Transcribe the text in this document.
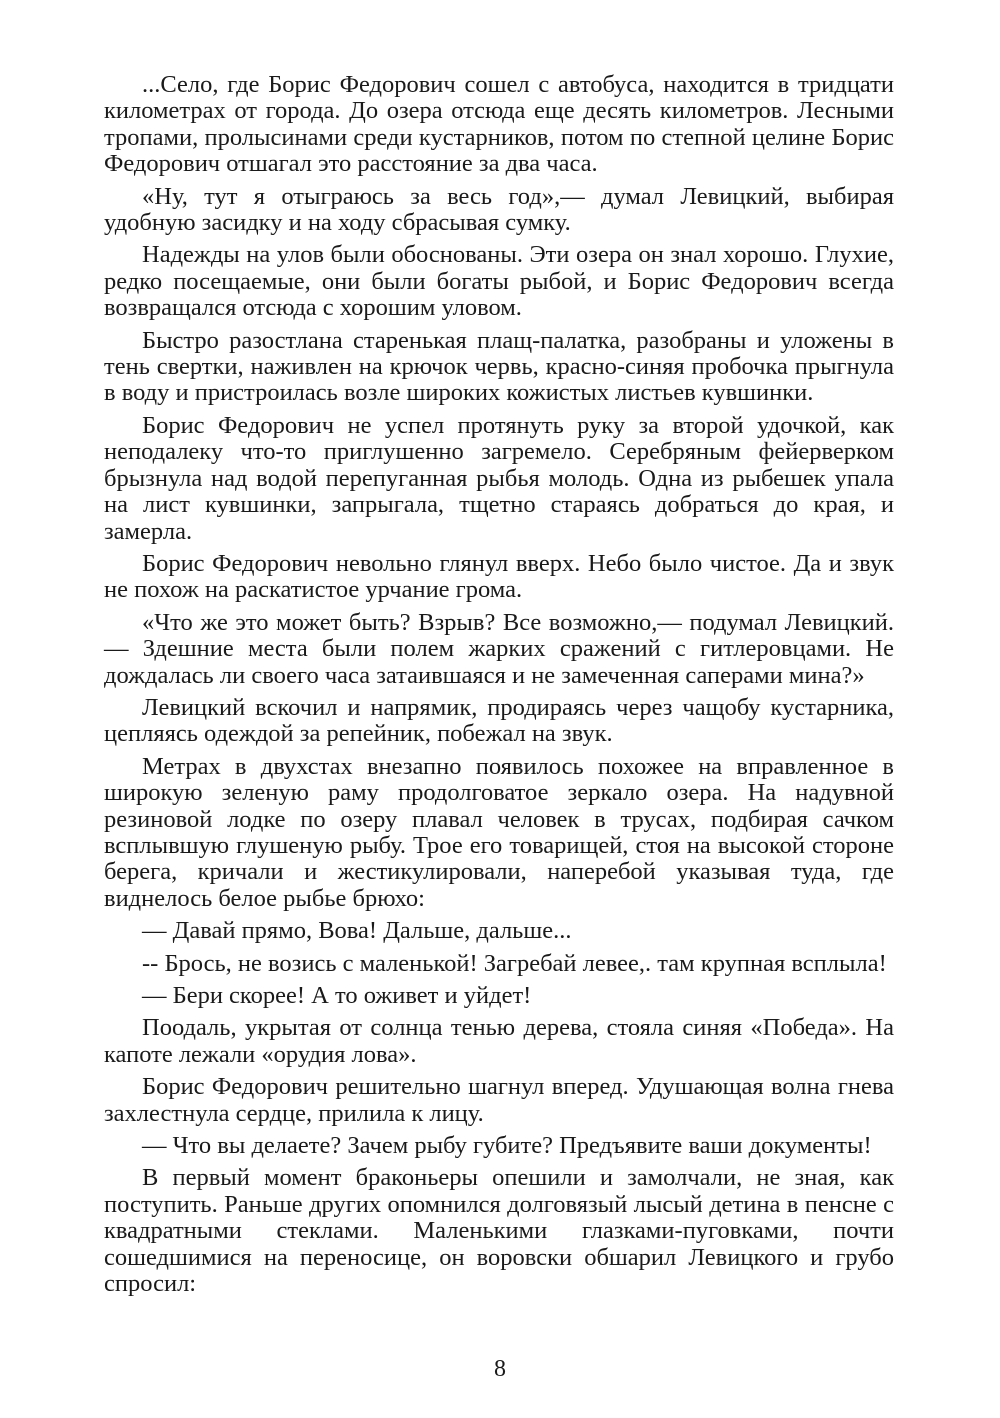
...Село, где Борис Федорович сошел с автобуса, находится в тридцати километрах от города. До озера отсюда еще десять километров. Лесными тропами, пролысинами среди кустарников, потом по степной целине Борис Федорович отшагал это расстояние за два часа.

«Ну, тут я отыграюсь за весь год»,— думал Левицкий, выбирая удобную засидку и на ходу сбрасывая сумку.

Надежды на улов были обоснованы. Эти озера он знал хорошо. Глухие, редко посещаемые, они были богаты рыбой, и Борис Федорович всегда возвращался отсюда с хорошим уловом.

Быстро разостлана старенькая плащ-палатка, разобраны и уложены в тень свертки, наживлен на крючок червь, красно-синяя пробочка прыгнула в воду и пристроилась возле широких кожистых листьев кувшинки.

Борис Федорович не успел протянуть руку за второй удочкой, как неподалеку что-то приглушенно загремело. Серебряным фейерверком брызнула над водой перепуганная рыбья молодь. Одна из рыбешек упала на лист кувшинки, запрыгала, тщетно стараясь добраться до края, и замерла.

Борис Федорович невольно глянул вверх. Небо было чистое. Да и звук не похож на раскатистое урчание грома.

«Что же это может быть? Взрыв? Все возможно,— подумал Левицкий.— Здешние места были полем жарких сражений с гитлеровцами. Не дождалась ли своего часа затаившаяся и не замеченная саперами мина?»

Левицкий вскочил и напрямик, продираясь через чащобу кустарника, цепляясь одеждой за репейник, побежал на звук.

Метрах в двухстах внезапно появилось похожее на вправленное в широкую зеленую раму продолговатое зеркало озера. На надувной резиновой лодке по озеру плавал человек в трусах, подбирая сачком всплывшую глушеную рыбу. Трое его товарищей, стоя на высокой стороне берега, кричали и жестикулировали, наперебой указывая туда, где виднелось белое рыбье брюхо:

— Давай прямо, Вова! Дальше, дальше...

-- Брось, не возись с маленькой! Загребай левее,. там крупная всплыла!

— Бери скорее! А то оживет и уйдет!

Поодаль, укрытая от солнца тенью дерева, стояла синяя «Победа». На капоте лежали «орудия лова».

Борис Федорович решительно шагнул вперед. Удушающая волна гнева захлестнула сердце, прилила к лицу.

— Что вы делаете? Зачем рыбу губите? Предъявите ваши документы!

В первый момент браконьеры опешили и замолчали, не зная, как поступить. Раньше других опомнился долговязый лысый детина в пенсне с квадратными стеклами. Маленькими глазками-пуговками, почти сошедшимися на переносице, он воровски обшарил Левицкого и грубо спросил:

8
